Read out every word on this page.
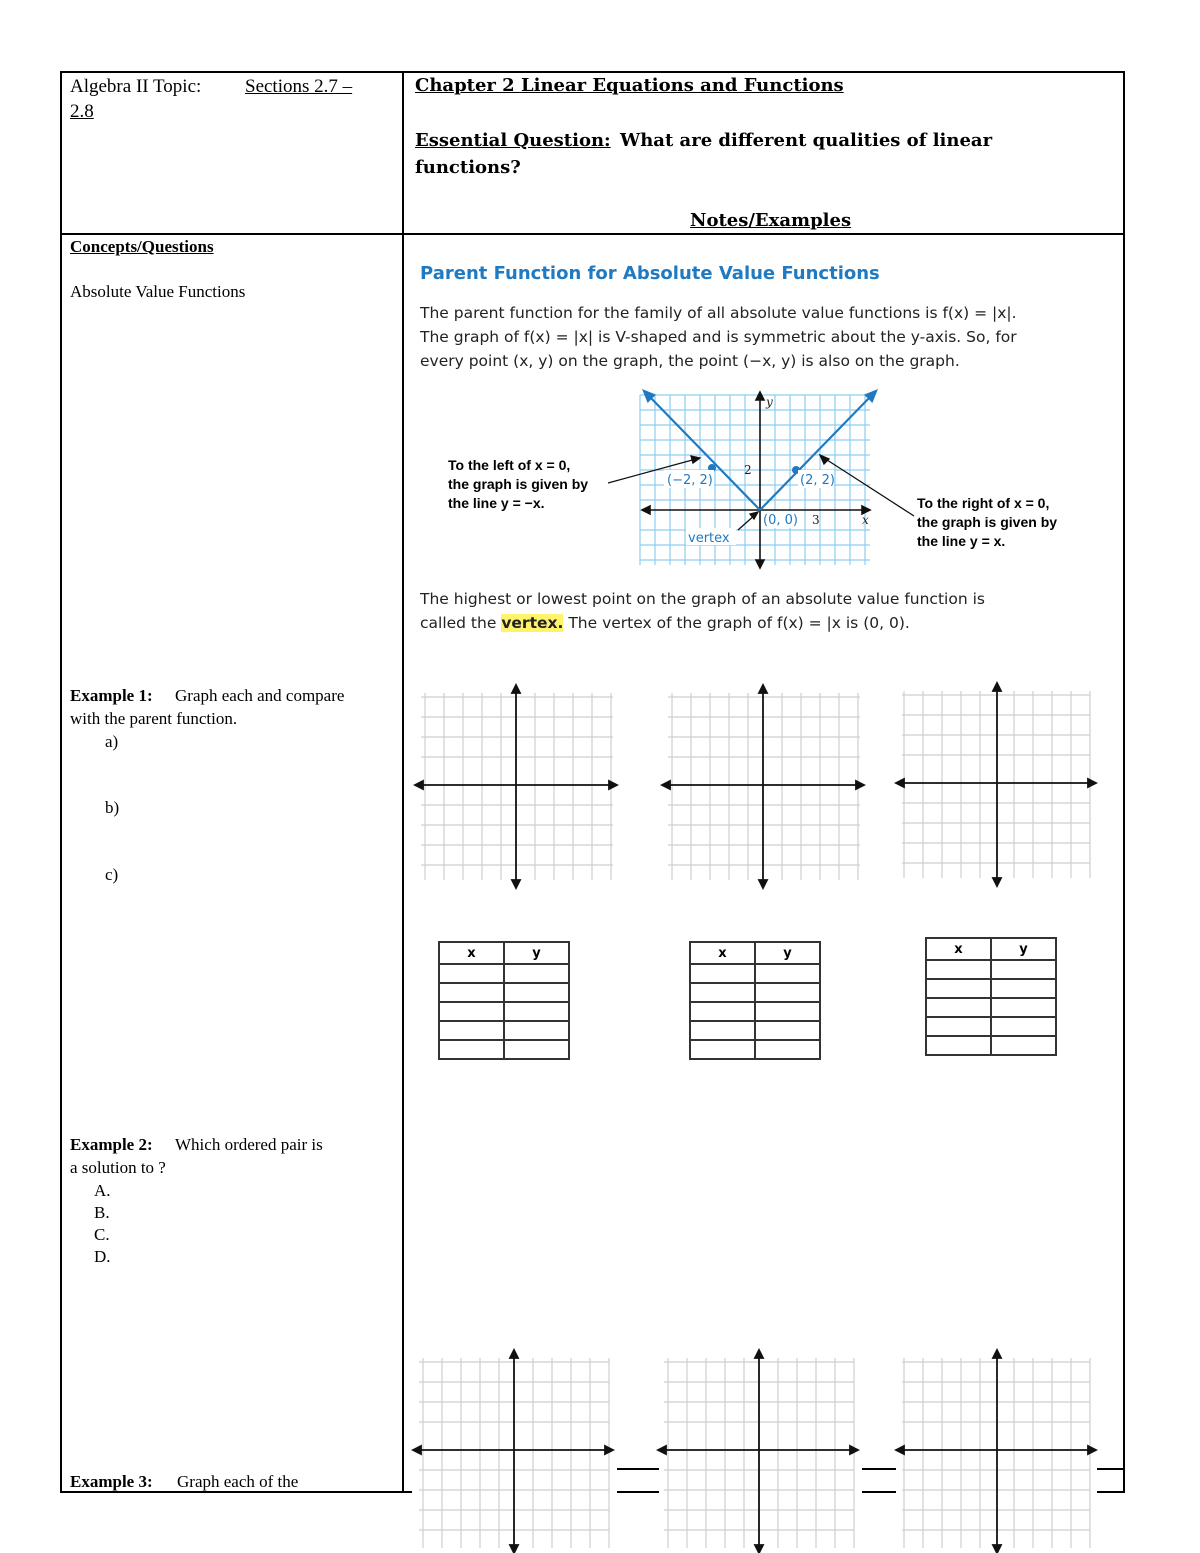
Algebra II Topic: Sections 2.7 –
2.8
Chapter 2 Linear Equations and Functions
Essential Question: What are different qualities of linear
functions?
Notes/Examples
Concepts/Questions
Absolute Value Functions
Example 1: Graph each and compare
with the parent function.
a)
b)
c)
Example 2: Which ordered pair is
a solution to ?
A.
B.
C.
D.
Example 3: Graph each of the
Parent Function for Absolute Value Functions
The parent function for the family of all absolute value functions is f(x) = |x|.
The graph of f(x) = |x| is V-shaped and is symmetric about the y-axis. So, for
every point (x, y) on the graph, the point (−x, y) is also on the graph.
(−2, 2)	(2, 2)
(0, 0)
vertex
2
3	x
y
To the left of x = 0,
the graph is given by
the line y = −x.	To the right of x = 0,
the graph is given by
the line y = x.
The highest or lowest point on the graph of an absolute value function is
called the vertex. The vertex of the graph of f(x) = |x is (0, 0).
x	y

		x	y

		x	y
